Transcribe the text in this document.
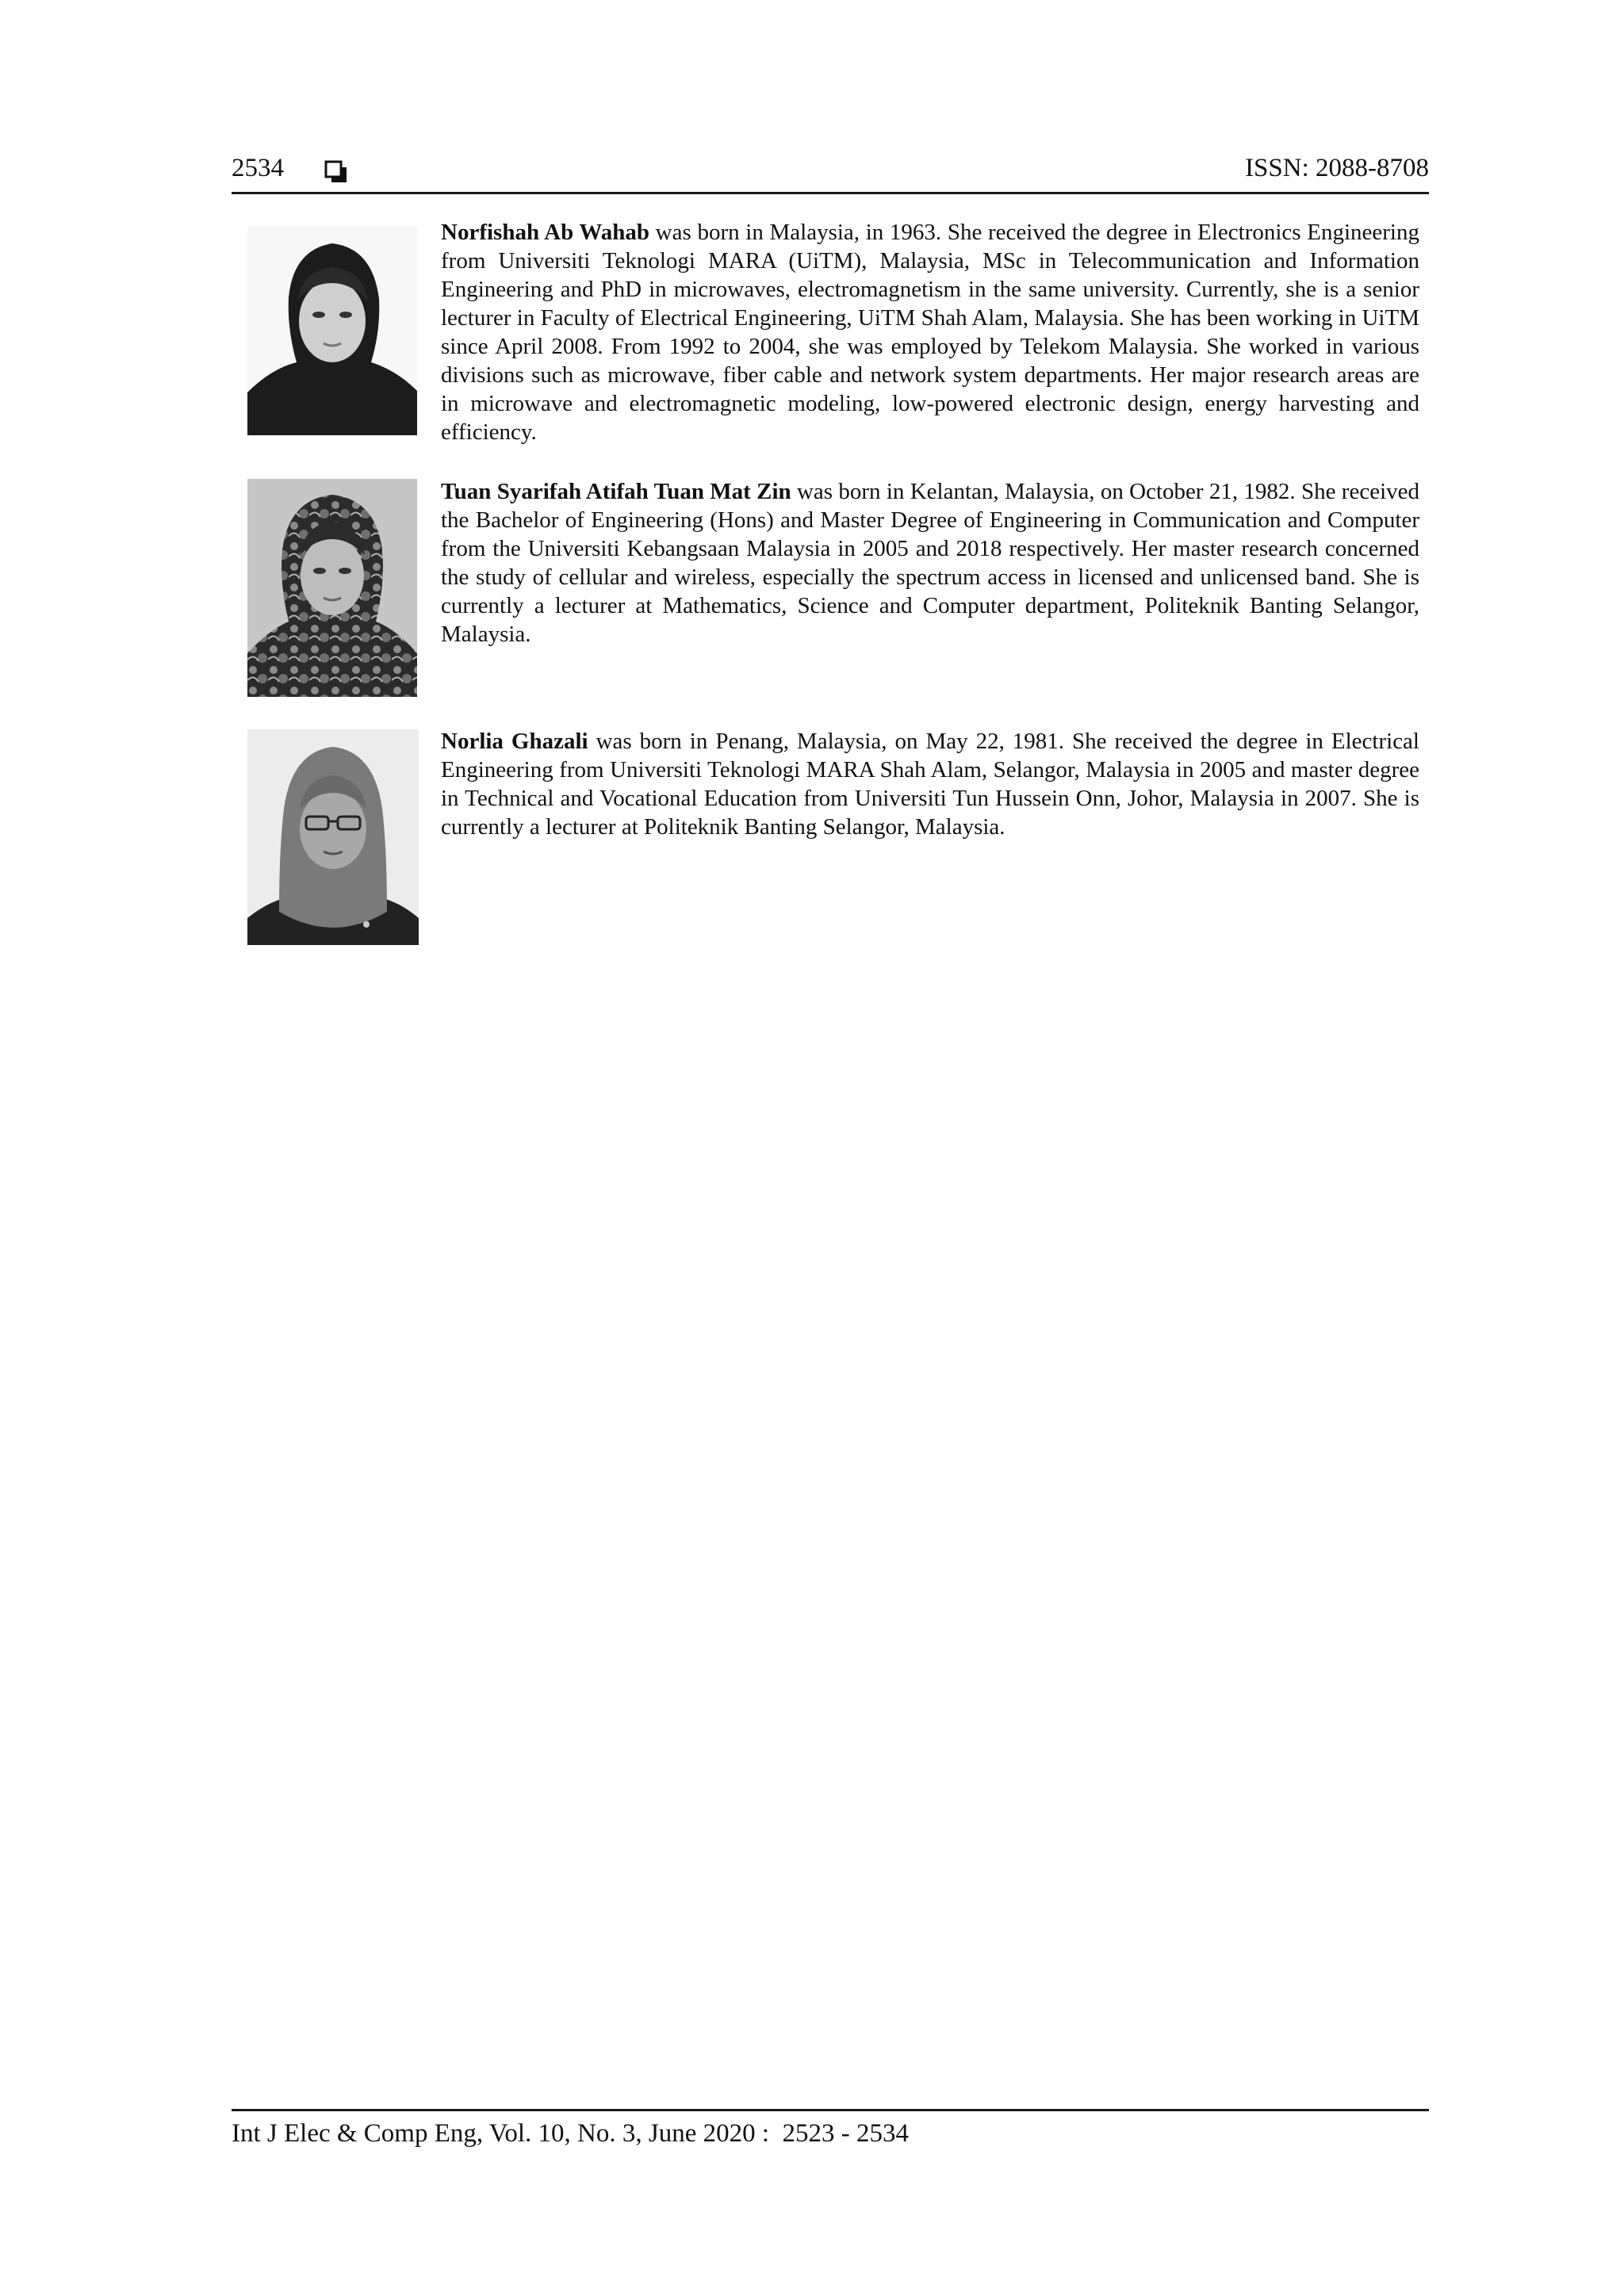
2534	ISSN: 2088-8708

Norfishah Ab Wahab was born in Malaysia, in 1963. She received the degree in Electronics Engineering from Universiti Teknologi MARA (UiTM), Malaysia, MSc in Telecommunication and Information Engineering and PhD in microwaves, electromagnetism in the same university. Currently, she is a senior lecturer in Faculty of Electrical Engineering, UiTM Shah Alam, Malaysia. She has been working in UiTM since April 2008. From 1992 to 2004, she was employed by Telekom Malaysia. She worked in various divisions such as microwave, fiber cable and network system departments. Her major research areas are in microwave and electromagnetic modeling, low-powered electronic design, energy harvesting and efficiency.

Tuan Syarifah Atifah Tuan Mat Zin was born in Kelantan, Malaysia, on October 21, 1982. She received the Bachelor of Engineering (Hons) and Master Degree of Engineering in Communication and Computer from the Universiti Kebangsaan Malaysia in 2005 and 2018 respectively. Her master research concerned the study of cellular and wireless, especially the spectrum access in licensed and unlicensed band. She is currently a lecturer at Mathematics, Science and Computer department, Politeknik Banting Selangor, Malaysia.

Norlia Ghazali was born in Penang, Malaysia, on May 22, 1981. She received the degree in Electrical Engineering from Universiti Teknologi MARA Shah Alam, Selangor, Malaysia in 2005 and master degree in Technical and Vocational Education from Universiti Tun Hussein Onn, Johor, Malaysia in 2007. She is currently a lecturer at Politeknik Banting Selangor, Malaysia.

Int J Elec & Comp Eng, Vol. 10, No. 3, June 2020 :  2523 - 2534
